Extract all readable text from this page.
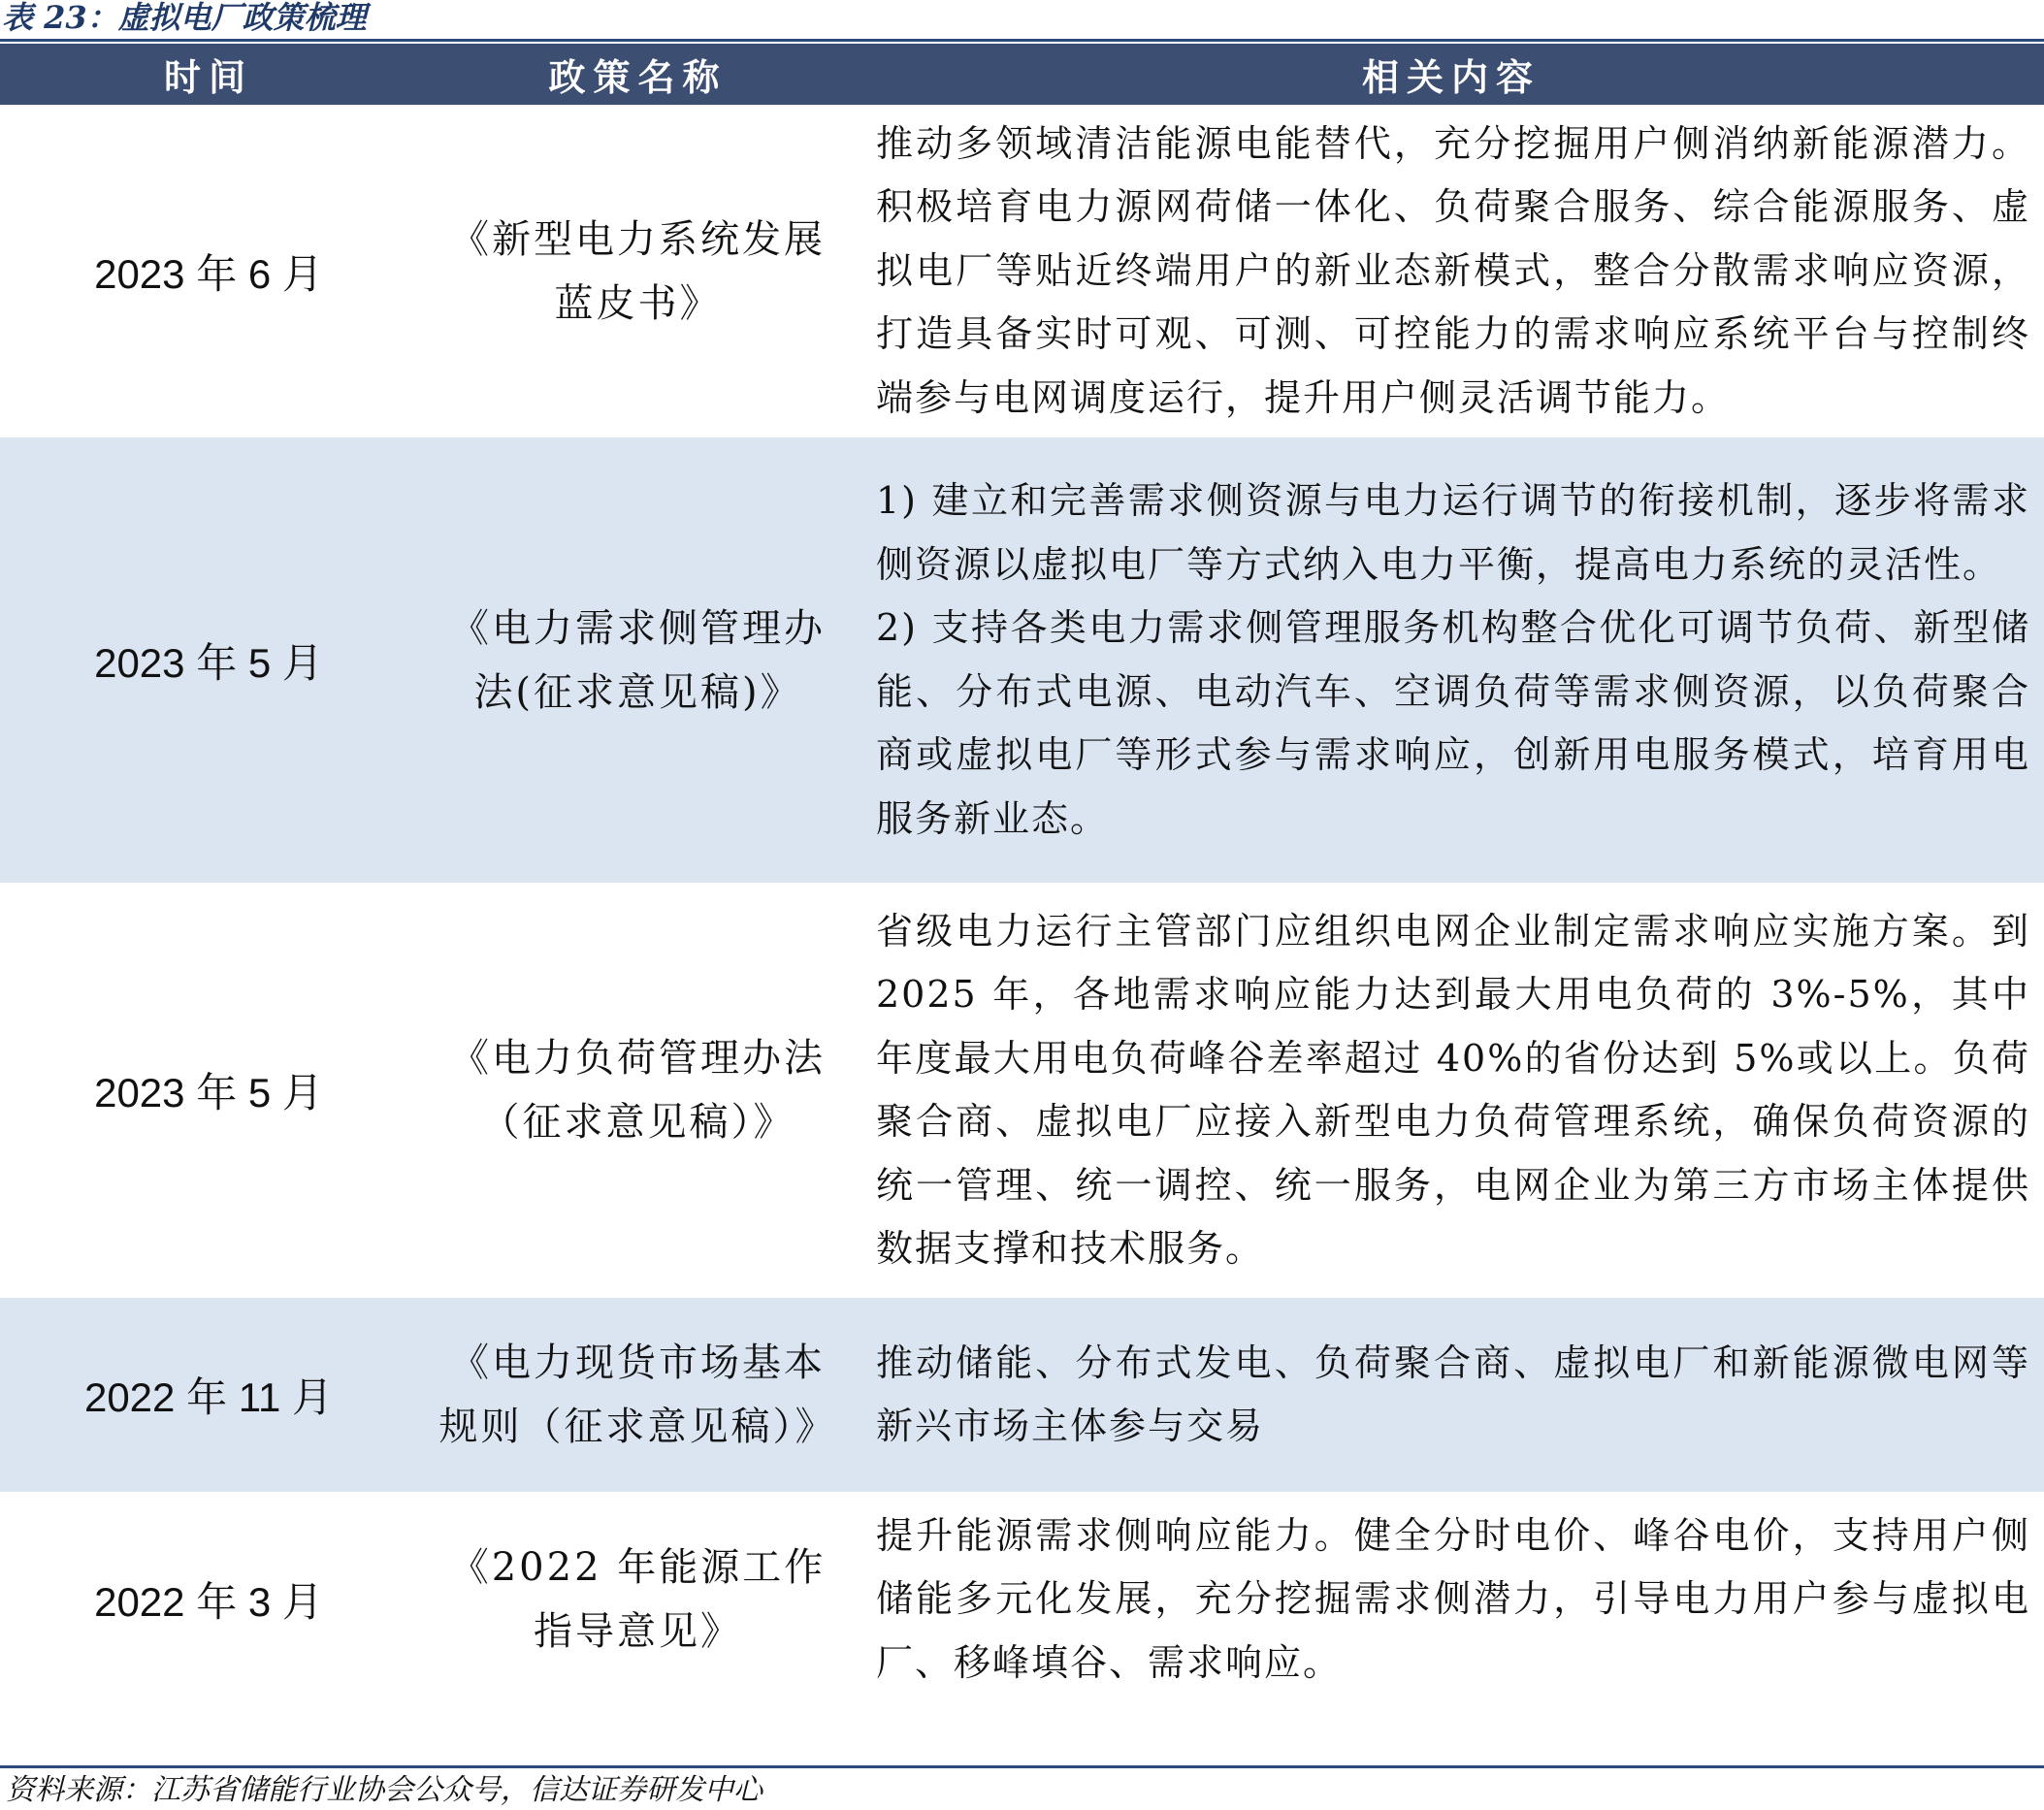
表 23：虚拟电厂政策梳理
时间	政策名称	相关内容
2023 年 6 月	《新型电力系统发展蓝皮书》	推动多领域清洁能源电能替代，充分挖掘用户侧消纳新能源潜力。积极培育电力源网荷储一体化、负荷聚合服务、综合能源服务、虚拟电厂等贴近终端用户的新业态新模式，整合分散需求响应资源，打造具备实时可观、可测、可控能力的需求响应系统平台与控制终端参与电网调度运行，提升用户侧灵活调节能力。

2023 年 5 月	《电力需求侧管理办法(征求意见稿)》	1) 建立和完善需求侧资源与电力运行调节的衔接机制，逐步将需求侧资源以虚拟电厂等方式纳入电力平衡，提高电力系统的灵活性。
2) 支持各类电力需求侧管理服务机构整合优化可调节负荷、新型储能、分布式电源、电动汽车、空调负荷等需求侧资源，以负荷聚合商或虚拟电厂等形式参与需求响应，创新用电服务模式，培育用电服务新业态。

2023 年 5 月	《电力负荷管理办法（征求意见稿）》	省级电力运行主管部门应组织电网企业制定需求响应实施方案。到 2025 年，各地需求响应能力达到最大用电负荷的 3%-5%，其中年度最大用电负荷峰谷差率超过 40%的省份达到 5%或以上。负荷聚合商、虚拟电厂应接入新型电力负荷管理系统，确保负荷资源的统一管理、统一调控、统一服务，电网企业为第三方市场主体提供数据支撑和技术服务。

2022 年 11 月	《电力现货市场基本规则（征求意见稿）》	推动储能、分布式发电、负荷聚合商、虚拟电厂和新能源微电网等新兴市场主体参与交易

2022 年 3 月	《2022 年能源工作指导意见》	提升能源需求侧响应能力。健全分时电价、峰谷电价，支持用户侧储能多元化发展，充分挖掘需求侧潜力，引导电力用户参与虚拟电厂、移峰填谷、需求响应。
资料来源：江苏省储能行业协会公众号，信达证券研发中心
